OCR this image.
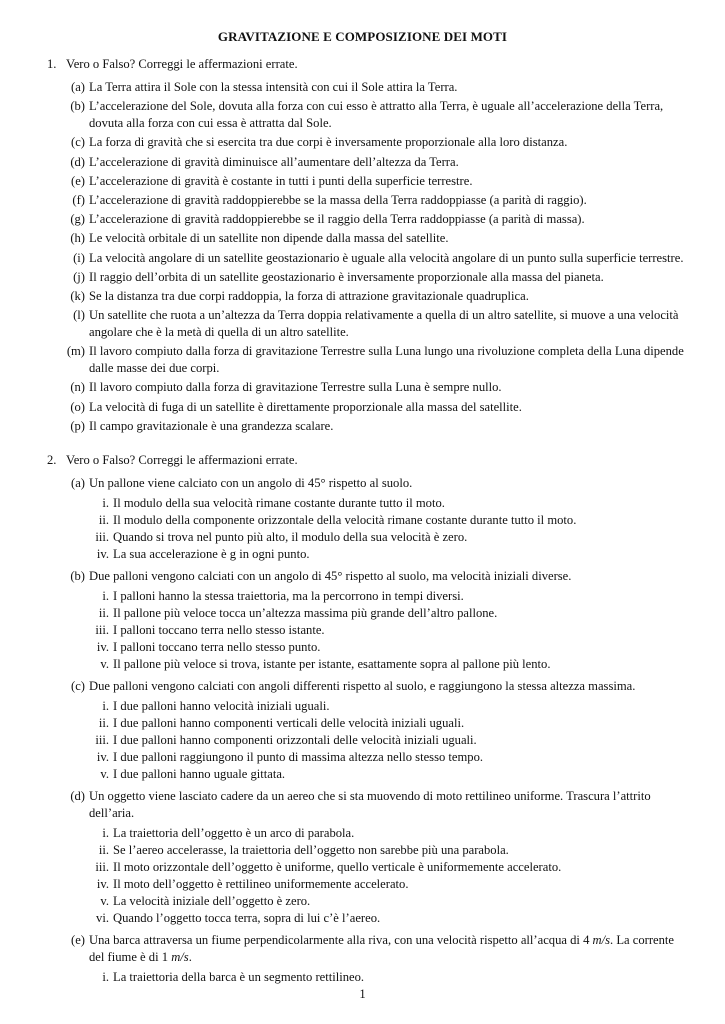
GRAVITAZIONE E COMPOSIZIONE DEI MOTI
1. Vero o Falso? Correggi le affermazioni errate.
(a) La Terra attira il Sole con la stessa intensità con cui il Sole attira la Terra.
(b) L’accelerazione del Sole, dovuta alla forza con cui esso è attratto alla Terra, è uguale all’accelerazione della Terra, dovuta alla forza con cui essa è attratta dal Sole.
(c) La forza di gravità che si esercita tra due corpi è inversamente proporzionale alla loro distanza.
(d) L’accelerazione di gravità diminuisce all’aumentare dell’altezza da Terra.
(e) L’accelerazione di gravità è costante in tutti i punti della superficie terrestre.
(f) L’accelerazione di gravità raddoppierebbe se la massa della Terra raddoppiasse (a parità di raggio).
(g) L’accelerazione di gravità raddoppierebbe se il raggio della Terra raddoppiasse (a parità di massa).
(h) Le velocità orbitale di un satellite non dipende dalla massa del satellite.
(i) La velocità angolare di un satellite geostazionario è uguale alla velocità angolare di un punto sulla superficie terrestre.
(j) Il raggio dell’orbita di un satellite geostazionario è inversamente proporzionale alla massa del pianeta.
(k) Se la distanza tra due corpi raddoppia, la forza di attrazione gravitazionale quadruplica.
(l) Un satellite che ruota a un’altezza da Terra doppia relativamente a quella di un altro satellite, si muove a una velocità angolare che è la metà di quella di un altro satellite.
(m) Il lavoro compiuto dalla forza di gravitazione Terrestre sulla Luna lungo una rivoluzione completa della Luna dipende dalle masse dei due corpi.
(n) Il lavoro compiuto dalla forza di gravitazione Terrestre sulla Luna è sempre nullo.
(o) La velocità di fuga di un satellite è direttamente proporzionale alla massa del satellite.
(p) Il campo gravitazionale è una grandezza scalare.
2. Vero o Falso? Correggi le affermazioni errate.
(a) Un pallone viene calciato con un angolo di 45° rispetto al suolo.
i. Il modulo della sua velocità rimane costante durante tutto il moto.
ii. Il modulo della componente orizzontale della velocità rimane costante durante tutto il moto.
iii. Quando si trova nel punto più alto, il modulo della sua velocità è zero.
iv. La sua accelerazione è g in ogni punto.
(b) Due palloni vengono calciati con un angolo di 45° rispetto al suolo, ma velocità iniziali diverse.
i. I palloni hanno la stessa traiettoria, ma la percorrono in tempi diversi.
ii. Il pallone più veloce tocca un’altezza massima più grande dell’altro pallone.
iii. I palloni toccano terra nello stesso istante.
iv. I palloni toccano terra nello stesso punto.
v. Il pallone più veloce si trova, istante per istante, esattamente sopra al pallone più lento.
(c) Due palloni vengono calciati con angoli differenti rispetto al suolo, e raggiungono la stessa altezza massima.
i. I due palloni hanno velocità iniziali uguali.
ii. I due palloni hanno componenti verticali delle velocità iniziali uguali.
iii. I due palloni hanno componenti orizzontali delle velocità iniziali uguali.
iv. I due palloni raggiungono il punto di massima altezza nello stesso tempo.
v. I due palloni hanno uguale gittata.
(d) Un oggetto viene lasciato cadere da un aereo che si sta muovendo di moto rettilineo uniforme. Trascura l’attrito dell’aria.
i. La traiettoria dell’oggetto è un arco di parabola.
ii. Se l’aereo accelerasse, la traiettoria dell’oggetto non sarebbe più una parabola.
iii. Il moto orizzontale dell’oggetto è uniforme, quello verticale è uniformemente accelerato.
iv. Il moto dell’oggetto è rettilineo uniformemente accelerato.
v. La velocità iniziale dell’oggetto è zero.
vi. Quando l’oggetto tocca terra, sopra di lui c’è l’aereo.
(e) Una barca attraversa un fiume perpendicolarmente alla riva, con una velocità rispetto all’acqua di 4 m/s. La corrente del fiume è di 1 m/s.
i. La traiettoria della barca è un segmento rettilineo.
1
